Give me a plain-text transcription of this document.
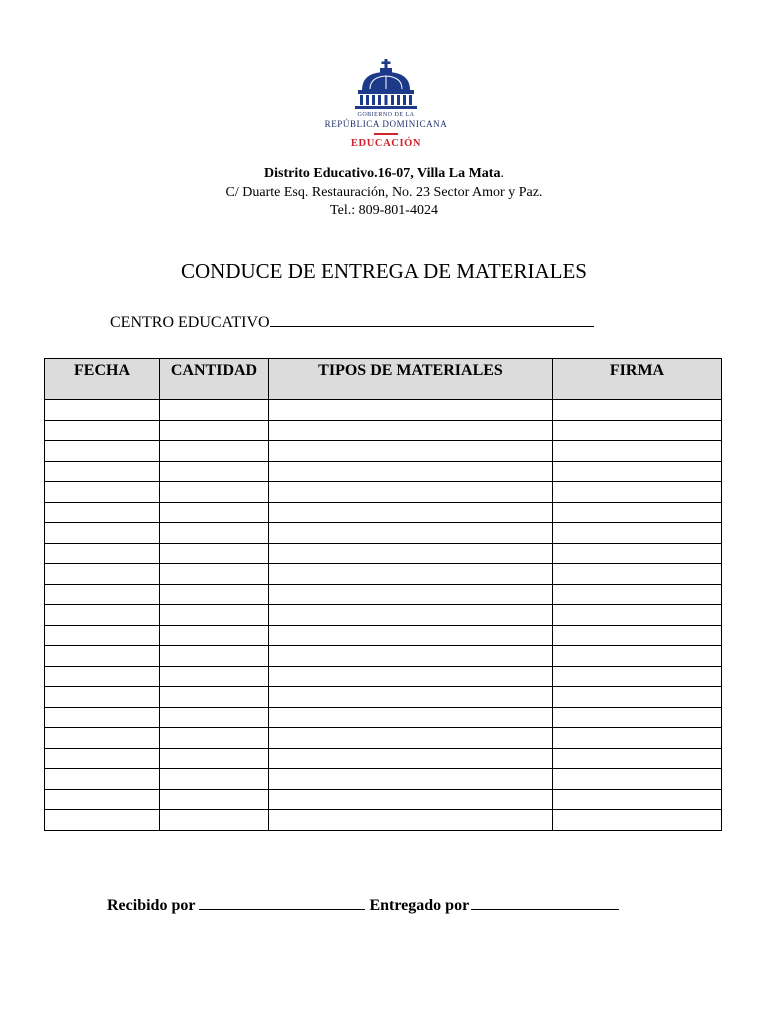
GOBIERNO DE LA
REPÚBLICA DOMINICANA
EDUCACIÓN
Distrito Educativo.16-07, Villa La Mata.
C/ Duarte Esq. Restauración, No. 23 Sector Amor y Paz.
Tel.: 809-801-4024
CONDUCE DE ENTREGA DE MATERIALES
CENTRO EDUCATIVO
FECHA	CANTIDAD	TIPOS DE MATERIALES	FIRMA

Recibido por	Entregado por
